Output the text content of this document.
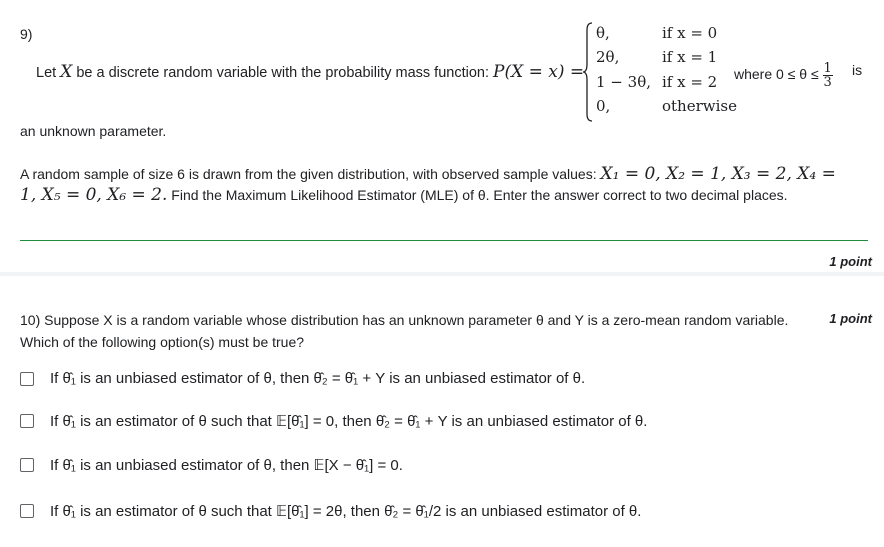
9)
Let X be a discrete random variable with the probability mass function: P(X = x) =
θ,	if x = 0
2θ,	if x = 1
1 − 3θ, if x = 2
0,	otherwise
where $0 \le \theta \le \frac{1}{3}$ is
an unknown parameter.
A random sample of size 6 is drawn from the given distribution, with observed sample values: X₁ = 0, X₂ = 1, X₃ = 2, X₄ =
1, X₅ = 0, X₆ = 2. Find the Maximum Likelihood Estimator (MLE) of θ. Enter the answer correct to two decimal places.
1 point
10) Suppose X is a random variable whose distribution has an unknown parameter θ and Y is a zero-mean random variable.
Which of the following option(s) must be true?
1 point
If θ̂₁ is an unbiased estimator of θ, then θ̂₂ = θ̂₁ + Y is an unbiased estimator of θ.
If θ̂₁ is an estimator of θ such that 𝔼[θ̂₁] = 0, then θ̂₂ = θ̂₁ + Y is an unbiased estimator of θ.
If θ̂₁ is an unbiased estimator of θ, then 𝔼[X − θ̂₁] = 0.
If θ̂₁ is an estimator of θ such that 𝔼[θ̂₁] = 2θ, then θ̂₂ = θ̂₁/2 is an unbiased estimator of θ.
